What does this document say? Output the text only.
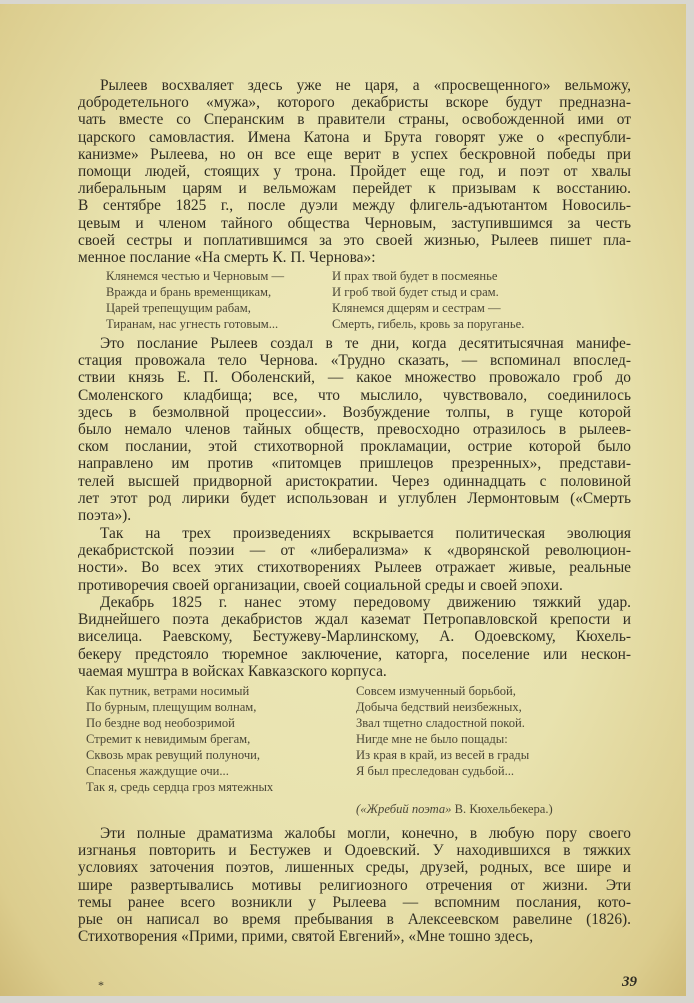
Рылеев восхваляет здесь уже не царя, а «просвещенного» вельможу,
добродетельного «мужа», которого декабристы вскоре будут предназна-
чать вместе со Сперанским в правители страны, освобожденной ими от
царского самовластия. Имена Катона и Брута говорят уже о «республи-
канизме» Рылеева, но он все еще верит в успех бескровной победы при
помощи людей, стоящих у трона. Пройдет еще год, и поэт от хвалы
либеральным царям и вельможам перейдет к призывам к восстанию.
В сентябре 1825 г., после дуэли между флигель-адъютантом Новосиль-
цевым и членом тайного общества Черновым, заступившимся за честь
своей сестры и поплатившимся за это своей жизнью, Рылеев пишет пла-
менное послание «На смерть К. П. Чернова»:
Клянемся честью и Черновым —
Вражда и брань временщикам,
Царей трепещущим рабам,
Тиранам, нас угнесть готовым...
И прах твой будет в посмеянье
И гроб твой будет стыд и срам.
Клянемся дщерям и сестрам —
Смерть, гибель, кровь за поруганье.
Это послание Рылеев создал в те дни, когда десятитысячная манифе-
стация провожала тело Чернова. «Трудно сказать, — вспоминал впослед-
ствии князь Е. П. Оболенский, — какое множество провожало гроб до
Смоленского кладбища; все, что мыслило, чувствовало, соединилось
здесь в безмолвной процессии». Возбуждение толпы, в гуще которой
было немало членов тайных обществ, превосходно отразилось в рылеев-
ском послании, этой стихотворной прокламации, острие которой было
направлено им против «питомцев пришлецов презренных», представи-
телей высшей придворной аристократии. Через одиннадцать с половиной
лет этот род лирики будет использован и углублен Лермонтовым («Смерть
поэта»).
Так на трех произведениях вскрывается политическая эволюция
декабристской поэзии — от «либерализма» к «дворянской революцион-
ности». Во всех этих стихотворениях Рылеев отражает живые, реальные
противоречия своей организации, своей социальной среды и своей эпохи.
Декабрь 1825 г. нанес этому передовому движению тяжкий удар.
Виднейшего поэта декабристов ждал каземат Петропавловской крепости и
виселица. Раевскому, Бестужеву-Марлинскому, А. Одоевскому, Кюхель-
бекеру предстояло тюремное заключение, каторга, поселение или нескон-
чаемая муштра в войсках Кавказского корпуса.
Как путник, ветрами носимый
По бурным, плещущим волнам,
По бездне вод необозримой
Стремит к невидимым брегам,
Сквозь мрак ревущий полуночи,
Спасенья жаждущие очи...
Так я, средь сердца гроз мятежных
Совсем измученный борьбой,
Добыча бедствий неизбежных,
Звал тщетно сладостной покой.
Нигде мне не было пощады:
Из края в край, из весей в грады
Я был преследован судьбой...
(«Жребий поэта» В. Кюхельбекера.)
Эти полные драматизма жалобы могли, конечно, в любую пору своего
изгнанья повторить и Бестужев и Одоевский. У находившихся в тяжких
условиях заточения поэтов, лишенных среды, друзей, родных, все шире и
шире развертывались мотивы религиозного отречения от жизни. Эти
темы ранее всего возникли у Рылеева — вспомним послания, кото-
рые он написал во время пребывания в Алексеевском равелине (1826).
Стихотворения «Прими, прими, святой Евгений», «Мне тошно здесь,
*	39
